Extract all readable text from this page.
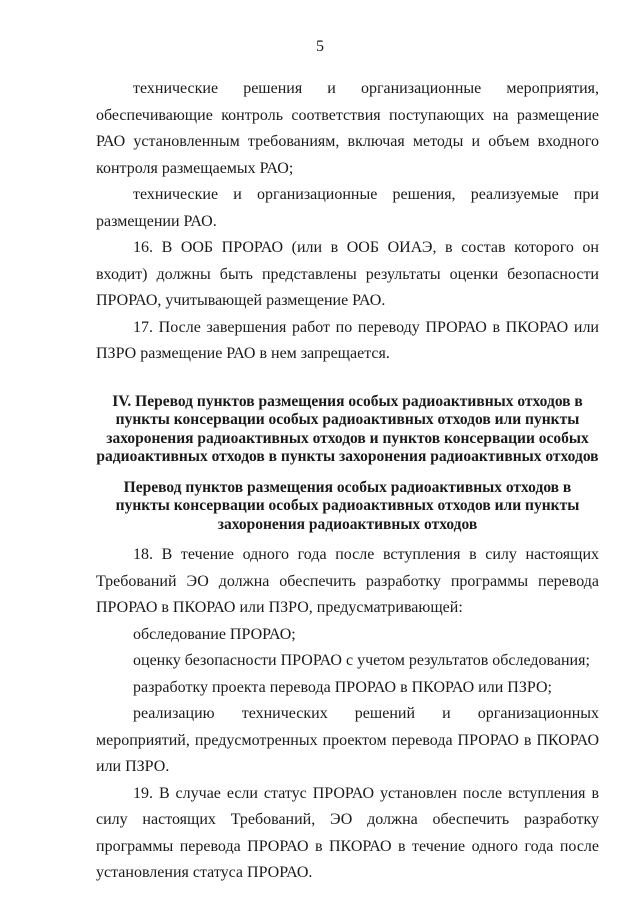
5

технические решения и организационные мероприятия, обеспечивающие контроль соответствия поступающих на размещение РАО установленным требованиям, включая методы и объем входного контроля размещаемых РАО;

технические и организационные решения, реализуемые при размещении РАО.

16. В ООБ ПРОРАО (или в ООБ ОИАЭ, в состав которого он входит) должны быть представлены результаты оценки безопасности ПРОРАО, учитывающей размещение РАО.

17. После завершения работ по переводу ПРОРАО в ПКОРАО или ПЗРО размещение РАО в нем запрещается.

IV. Перевод пунктов размещения особых радиоактивных отходов в пункты консервации особых радиоактивных отходов или пункты захоронения радиоактивных отходов и пунктов консервации особых радиоактивных отходов в пункты захоронения радиоактивных отходов
Перевод пунктов размещения особых радиоактивных отходов в пункты консервации особых радиоактивных отходов или пункты захоронения радиоактивных отходов

18. В течение одного года после вступления в силу настоящих Требований ЭО должна обеспечить разработку программы перевода ПРОРАО в ПКОРАО или ПЗРО, предусматривающей:

обследование ПРОРАО;

оценку безопасности ПРОРАО с учетом результатов обследования;

разработку проекта перевода ПРОРАО в ПКОРАО или ПЗРО;

реализацию технических решений и организационных мероприятий, предусмотренных проектом перевода ПРОРАО в ПКОРАО или ПЗРО.

19. В случае если статус ПРОРАО установлен после вступления в силу настоящих Требований, ЭО должна обеспечить разработку программы перевода ПРОРАО в ПКОРАО в течение одного года после установления статуса ПРОРАО.
